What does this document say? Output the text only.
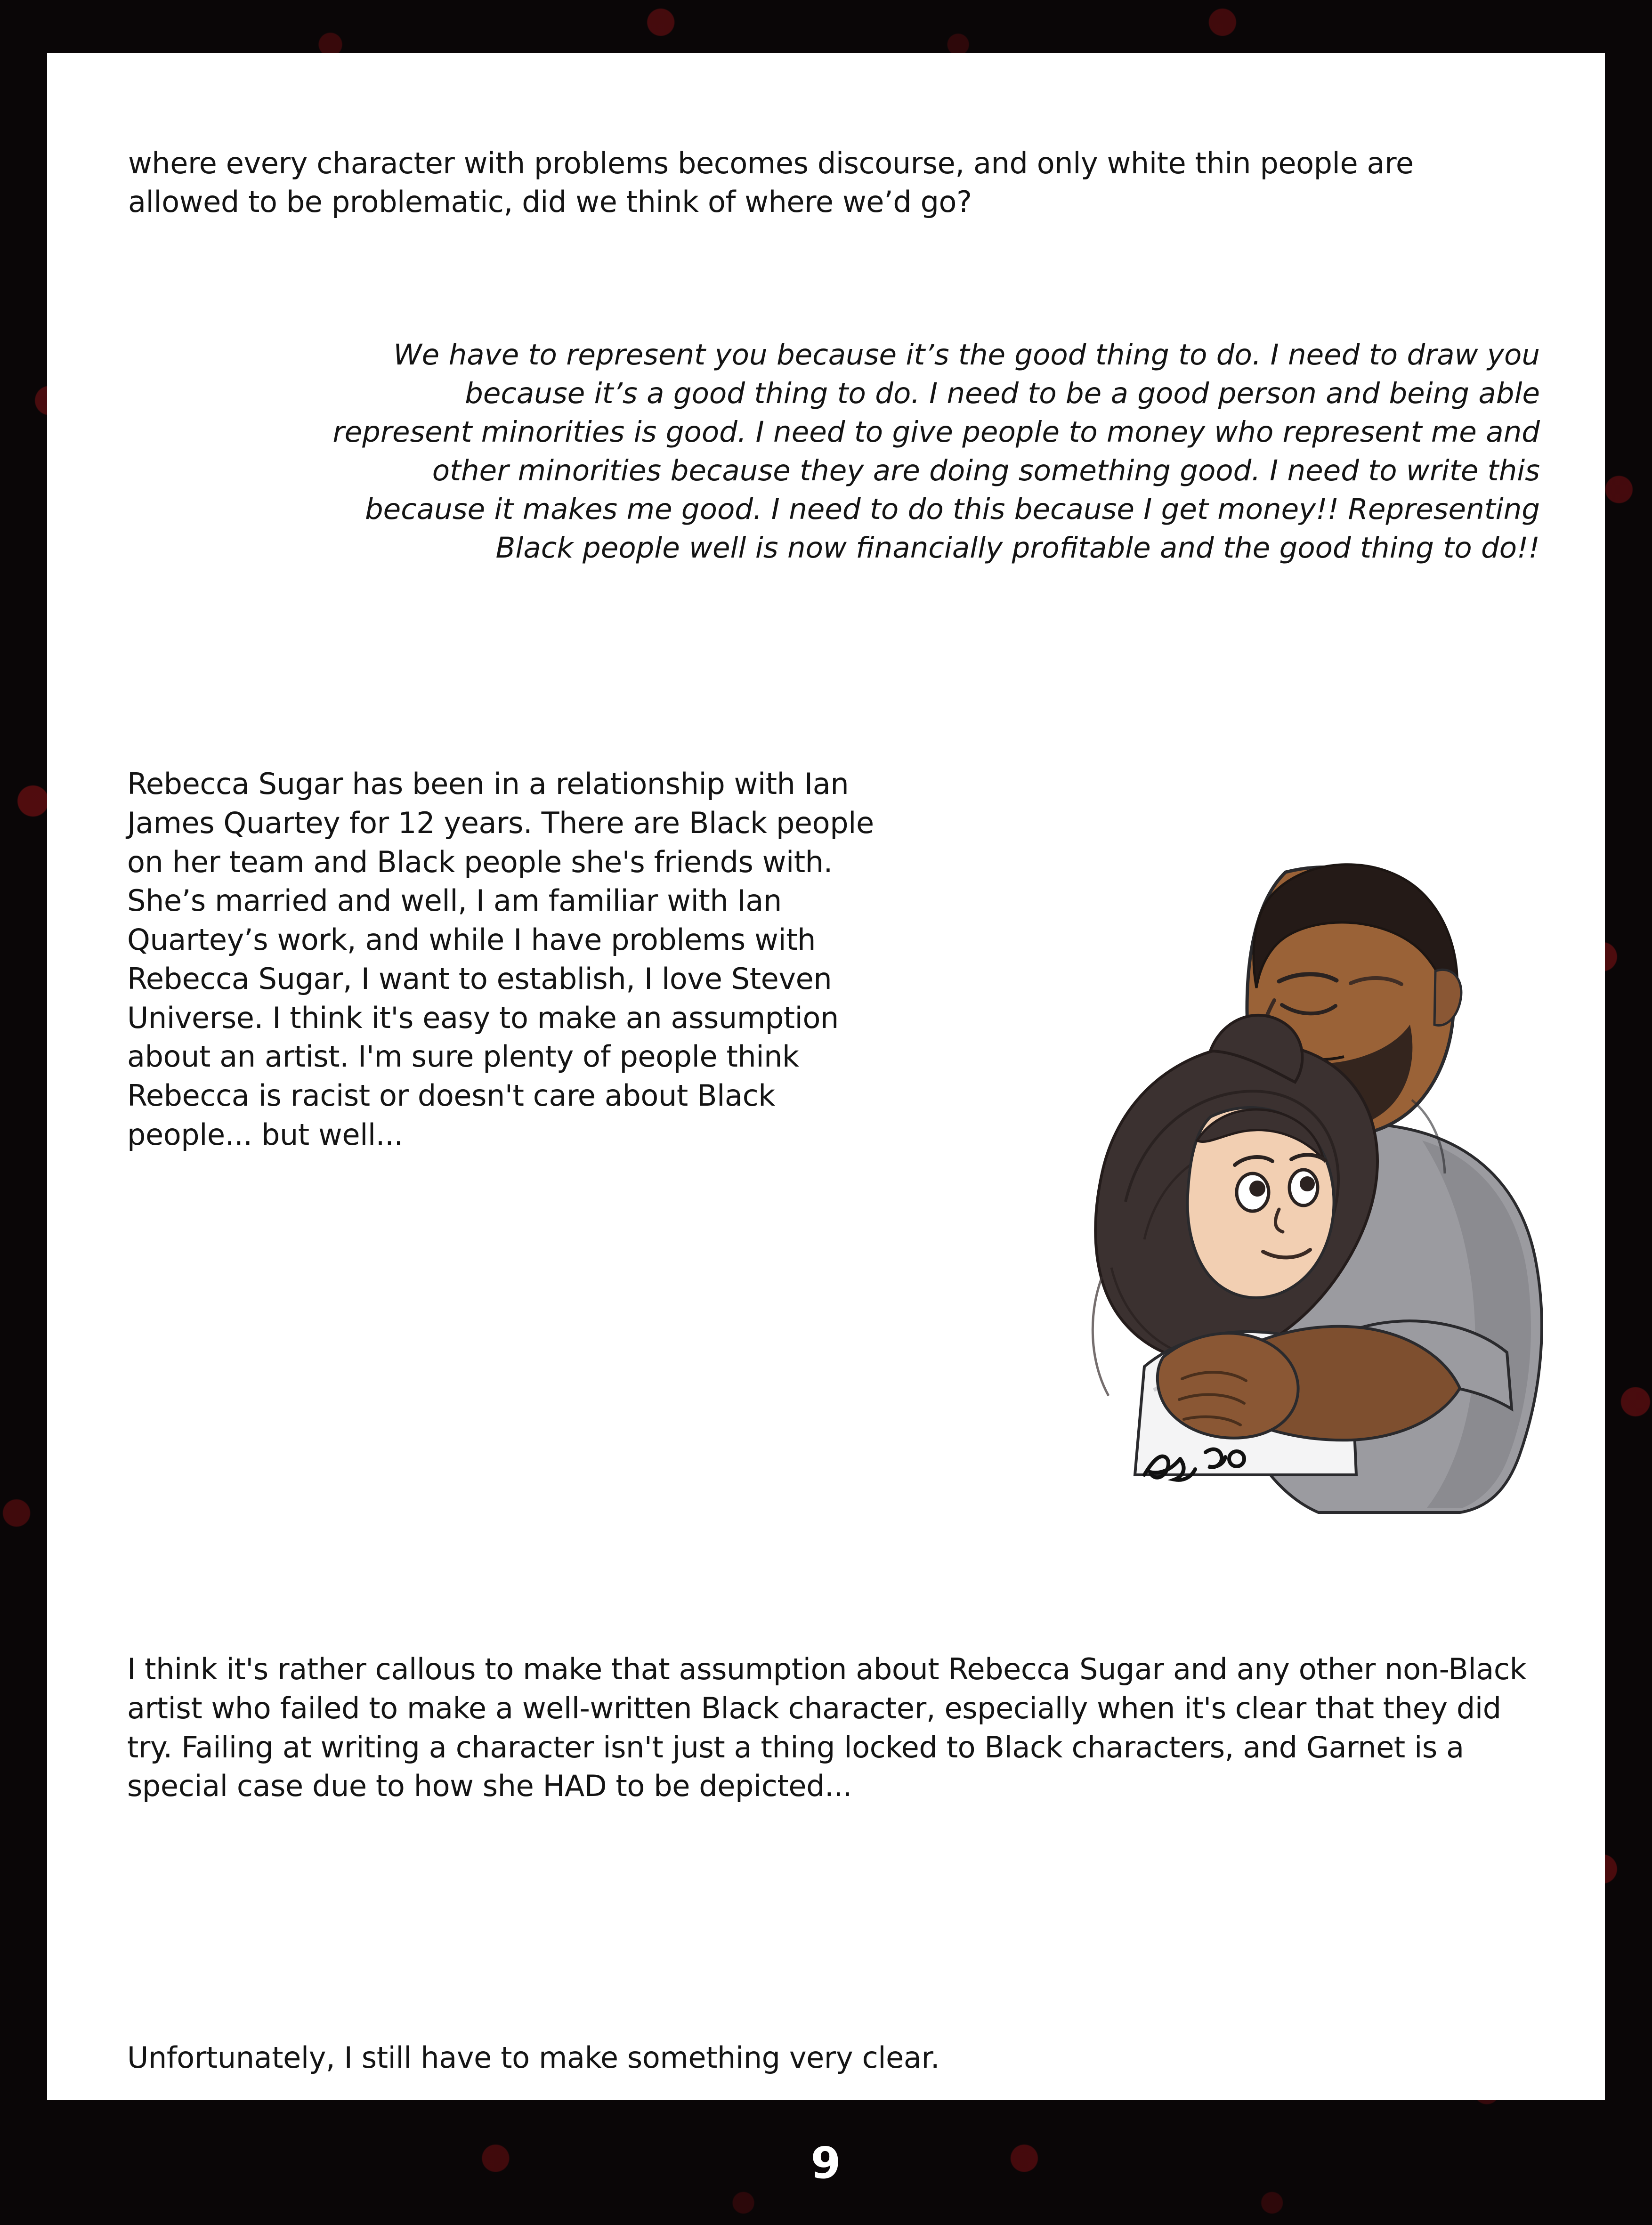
where every character with problems becomes discourse, and only white thin people are allowed to be problematic, did we think of where we’d go?

We have to represent you because it’s the good thing to do. I need to draw you because it’s a good thing to do. I need to be a good person and being able represent minorities is good. I need to give people to money who represent me and other minorities because they are doing something good. I need to write this because it makes me good. I need to do this because I get money!! Representing Black people well is now financially profitable and the good thing to do!!

Rebecca Sugar has been in a relationship with Ian James Quartey for 12 years. There are Black people on her team and Black people she's friends with. She’s married and well, I am familiar with Ian Quartey’s work, and while I have problems with Rebecca Sugar, I want to establish, I love Steven Universe. I think it's easy to make an assumption about an artist. I'm sure plenty of people think Rebecca is racist or doesn't care about Black people... but well...

I think it's rather callous to make that assumption about Rebecca Sugar and any other non-Black artist who failed to make a well-written Black character, especially when it's clear that they did try. Failing at writing a character isn't just a thing locked to Black characters, and Garnet is a special case due to how she HAD to be depicted...

Unfortunately, I still have to make something very clear.

9
